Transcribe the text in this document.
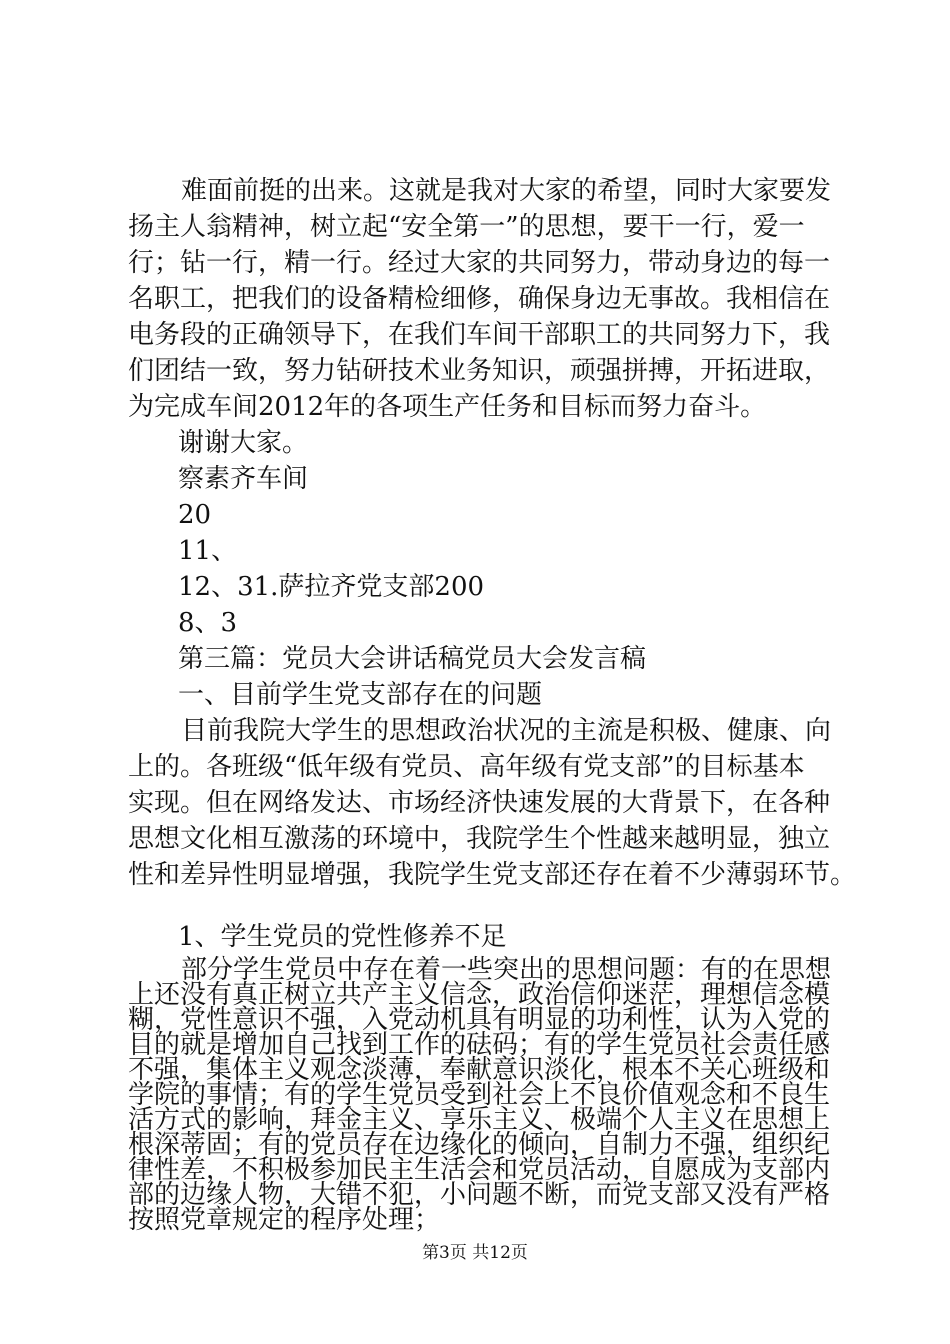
难面前挺的出来。这就是我对大家的希望，同时大家要发
扬主人翁精神，树立起“安全第一”的思想，要干一行，爱一
行；钻一行，精一行。经过大家的共同努力，带动身边的每一
名职工，把我们的设备精检细修，确保身边无事故。我相信在
电务段的正确领导下，在我们车间干部职工的共同努力下，我
们团结一致，努力钻研技术业务知识，顽强拼搏，开拓进取，
为完成车间2012年的各项生产任务和目标而努力奋斗。
谢谢大家。
察素齐车间
20
11、
12、31.萨拉齐党支部200
8、3
第三篇：党员大会讲话稿党员大会发言稿
一、目前学生党支部存在的问题
目前我院大学生的思想政治状况的主流是积极、健康、向
上的。各班级“低年级有党员、高年级有党支部”的目标基本
实现。但在网络发达、市场经济快速发展的大背景下，在各种
思想文化相互激荡的环境中，我院学生个性越来越明显，独立
性和差异性明显增强，我院学生党支部还存在着不少薄弱环节。
1、学生党员的党性修养不足
部分学生党员中存在着一些突出的思想问题：有的在思想
上还没有真正树立共产主义信念，政治信仰迷茫，理想信念模
糊，党性意识不强，入党动机具有明显的功利性，认为入党的
目的就是增加自己找到工作的砝码；有的学生党员社会责任感
不强，集体主义观念淡薄，奉献意识淡化，根本不关心班级和
学院的事情；有的学生党员受到社会上不良价值观念和不良生
活方式的影响，拜金主义、享乐主义、极端个人主义在思想上
根深蒂固；有的党员存在边缘化的倾向，自制力不强，组织纪
律性差，不积极参加民主生活会和党员活动，自愿成为支部内
部的边缘人物，大错不犯，小问题不断，而党支部又没有严格
按照党章规定的程序处理；
第3页 共12页
